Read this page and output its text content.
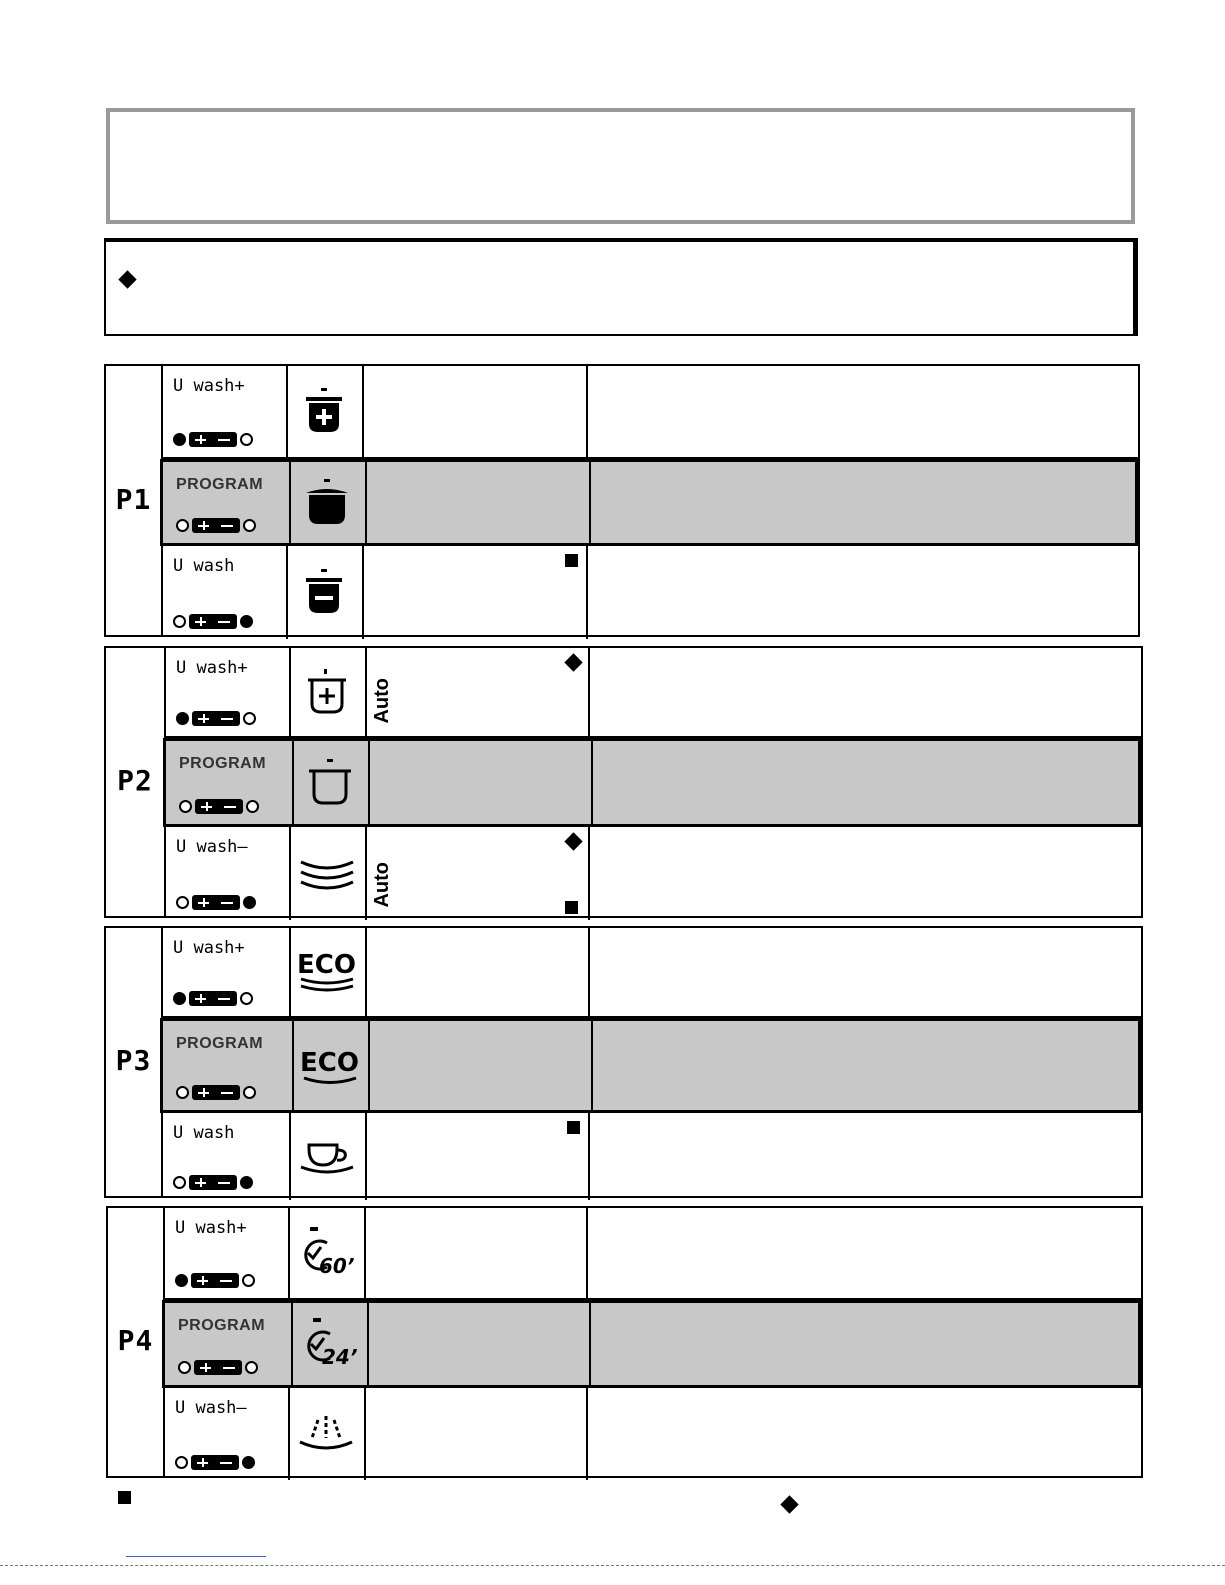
P1
U wash+
PROGRAM
U wash
P2
U wash+
Auto
PROGRAM
U wash—
Auto
P3
U wash+
ECO
PROGRAM
ECO
U wash
P4
U wash+
60’
PROGRAM
24’
U wash—
